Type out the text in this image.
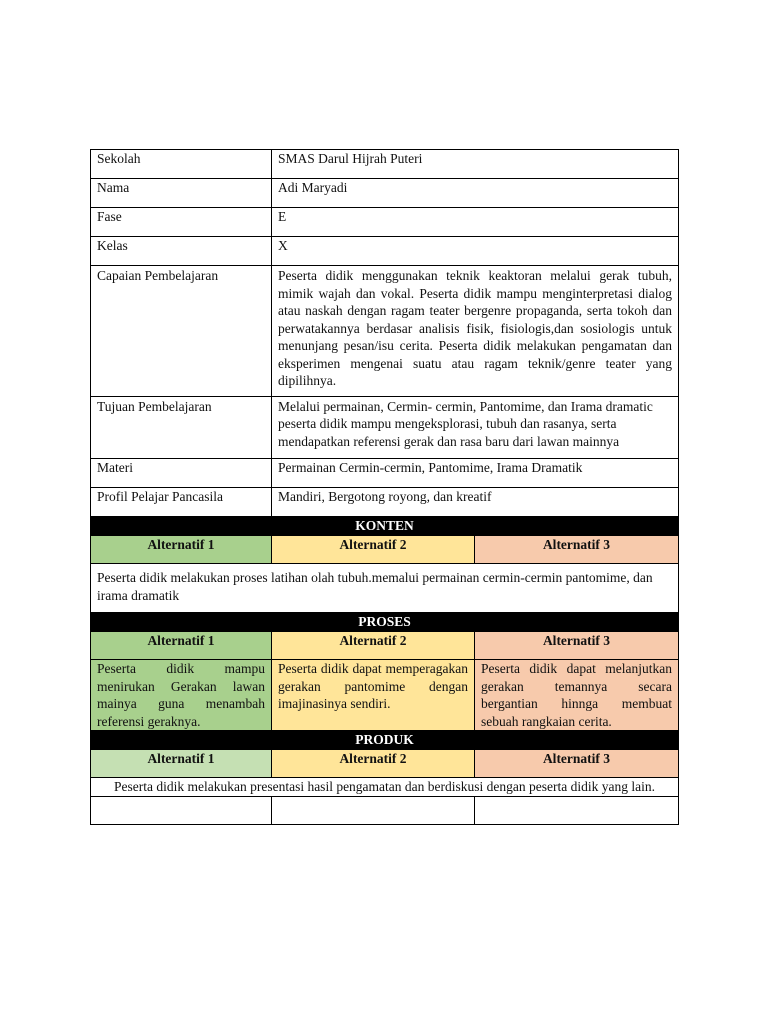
Sekolah	SMAS Darul Hijrah Puteri	
Nama	Adi Maryadi	
Fase	E	
Kelas	X	
Capaian Pembelajaran	Peserta didik menggunakan teknik keaktoran melalui gerak tubuh, mimik wajah dan vokal. Peserta didik mampu menginterpretasi dialog atau naskah dengan ragam teater bergenre propaganda, serta tokoh dan perwatakannya berdasar analisis fisik, fisiologis,dan sosiologis untuk menunjang pesan/isu cerita. Peserta didik melakukan pengamatan dan eksperimen mengenai suatu atau ragam teknik/genre teater yang dipilihnya.	
Tujuan Pembelajaran	Melalui permainan, Cermin- cermin, Pantomime, dan Irama dramatic peserta didik mampu mengeksplorasi, tubuh dan rasanya, serta mendapatkan referensi gerak dan rasa baru dari lawan mainnya	
Materi	Permainan Cermin-cermin, Pantomime, Irama Dramatik	
Profil Pelajar Pancasila	Mandiri, Bergotong royong, dan kreatif	
KONTEN		
Alternatif 1	Alternatif 2	Alternatif 3
Peserta didik melakukan proses latihan olah tubuh.memalui permainan cermin-cermin pantomime, dan irama dramatik		
PROSES		
Alternatif 1	Alternatif 2	Alternatif 3
Peserta didik mampu menirukan Gerakan lawan mainya guna menambah referensi geraknya.	Peserta didik dapat memperagakan gerakan pantomime dengan imajinasinya sendiri.	Peserta didik dapat melanjutkan gerakan temannya secara bergantian hinnga membuat sebuah rangkaian cerita.
PRODUK		
Alternatif 1	Alternatif 2	Alternatif 3
Peserta didik melakukan presentasi hasil pengamatan dan berdiskusi dengan peserta didik yang lain.		
